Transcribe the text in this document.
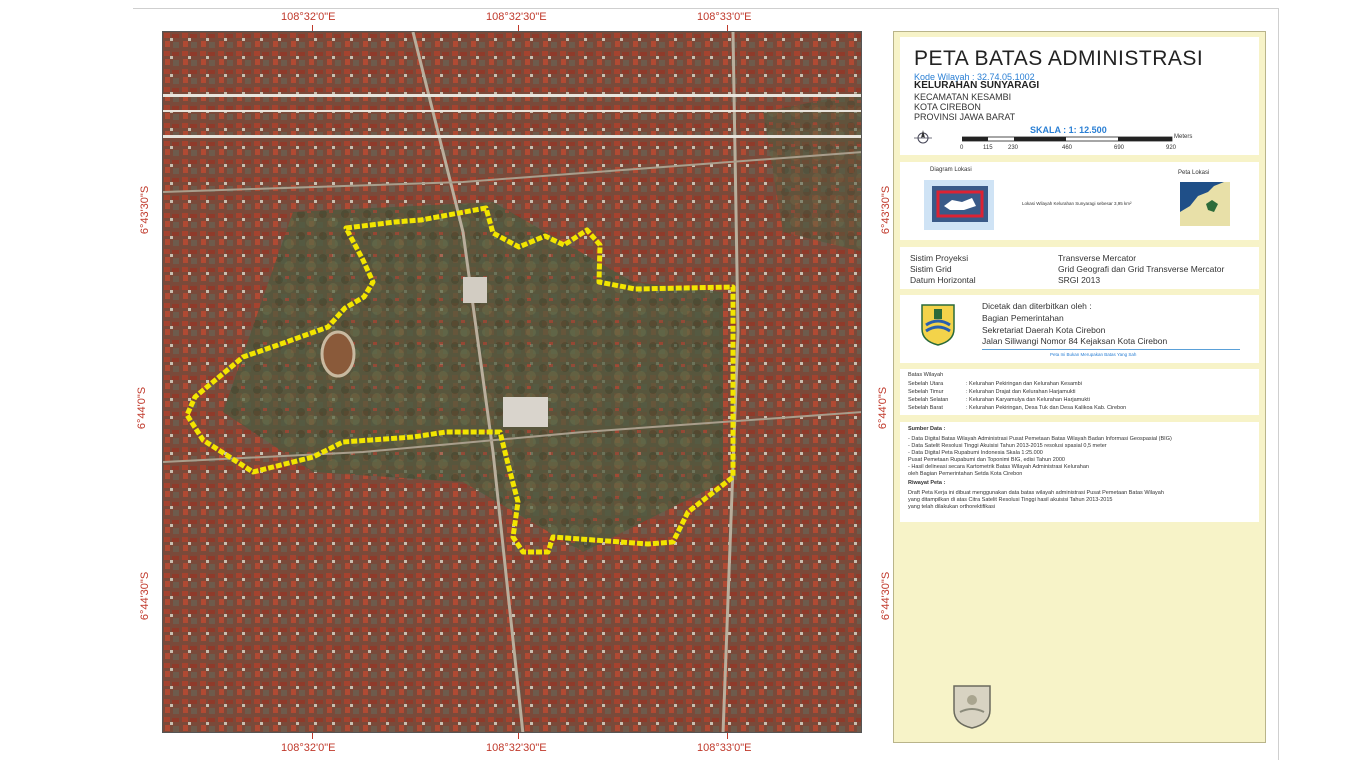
108°32'0"E	108°32'30"E	108°33'0"E
108°32'0"E	108°32'30"E	108°33'0"E
6°43'30"S
6°44'0"S
6°44'30"S
6°43'30"S
6°44'0"S
6°44'30"S
PETA BATAS ADMINISTRASI
Kode Wilayah : 32.74.05.1002
KELURAHAN SUNYARAGI
KECAMATAN KESAMBI
KOTA CIREBON
PROVINSI JAWA BARAT
SKALA : 1: 12.500
Meters
0	115	230	460	690	920
Diagram Lokasi	Peta Lokasi
Lokasi Wilayah Kelurahan Sunyaragi sebesar 3,95 km²
Sistim Proyeksi	Transverse Mercator
Sistim Grid	Grid Geografi dan Grid Transverse Mercator
Datum Horizontal	SRGI 2013
Dicetak dan diterbitkan oleh :
Bagian Pemerintahan
Sekretariat Daerah Kota Cirebon
Jalan Siliwangi Nomor 84 Kejaksan Kota Cirebon
Peta Ini Bukan Merupakan Batas Yang Sah
Batas Wilayah
Sebelah Utara	: Kelurahan Pekiringan dan Kelurahan Kesambi
Sebelah Timur	: Kelurahan Drajat dan Kelurahan Harjamukti
Sebelah Selatan	: Kelurahan Karyamulya dan Kelurahan Harjamukti
Sebelah Barat	: Kelurahan Pekiringan, Desa Tuk dan Desa Kalikoa Kab. Cirebon
Sumber Data :
- Data Digital Batas Wilayah Administrasi Pusat Pemetaan Batas Wilayah Badan Informasi Geospasial (BIG)
- Data Satelit Resolusi Tinggi Akuisisi Tahun 2013-2015 resolusi spasial 0,5 meter
- Data Digital Peta Rupabumi Indonesia Skala 1:25.000
Pusat Pemetaan Rupabumi dan Toponimi BIG, edisi Tahun 2000
- Hasil delineasi secara Kartometrik Batas Wilayah Administrasi Kelurahan
oleh Bagian Pemerintahan Setda Kota Cirebon
Riwayat Peta :
Draft Peta Kerja ini dibuat menggunakan data batas wilayah administrasi Pusat Pemetaan Batas Wilayah
yang ditampilkan di atas Citra Satelit Resolusi Tinggi hasil akuisisi Tahun 2013-2015
yang telah dilakukan orthorektifikasi
